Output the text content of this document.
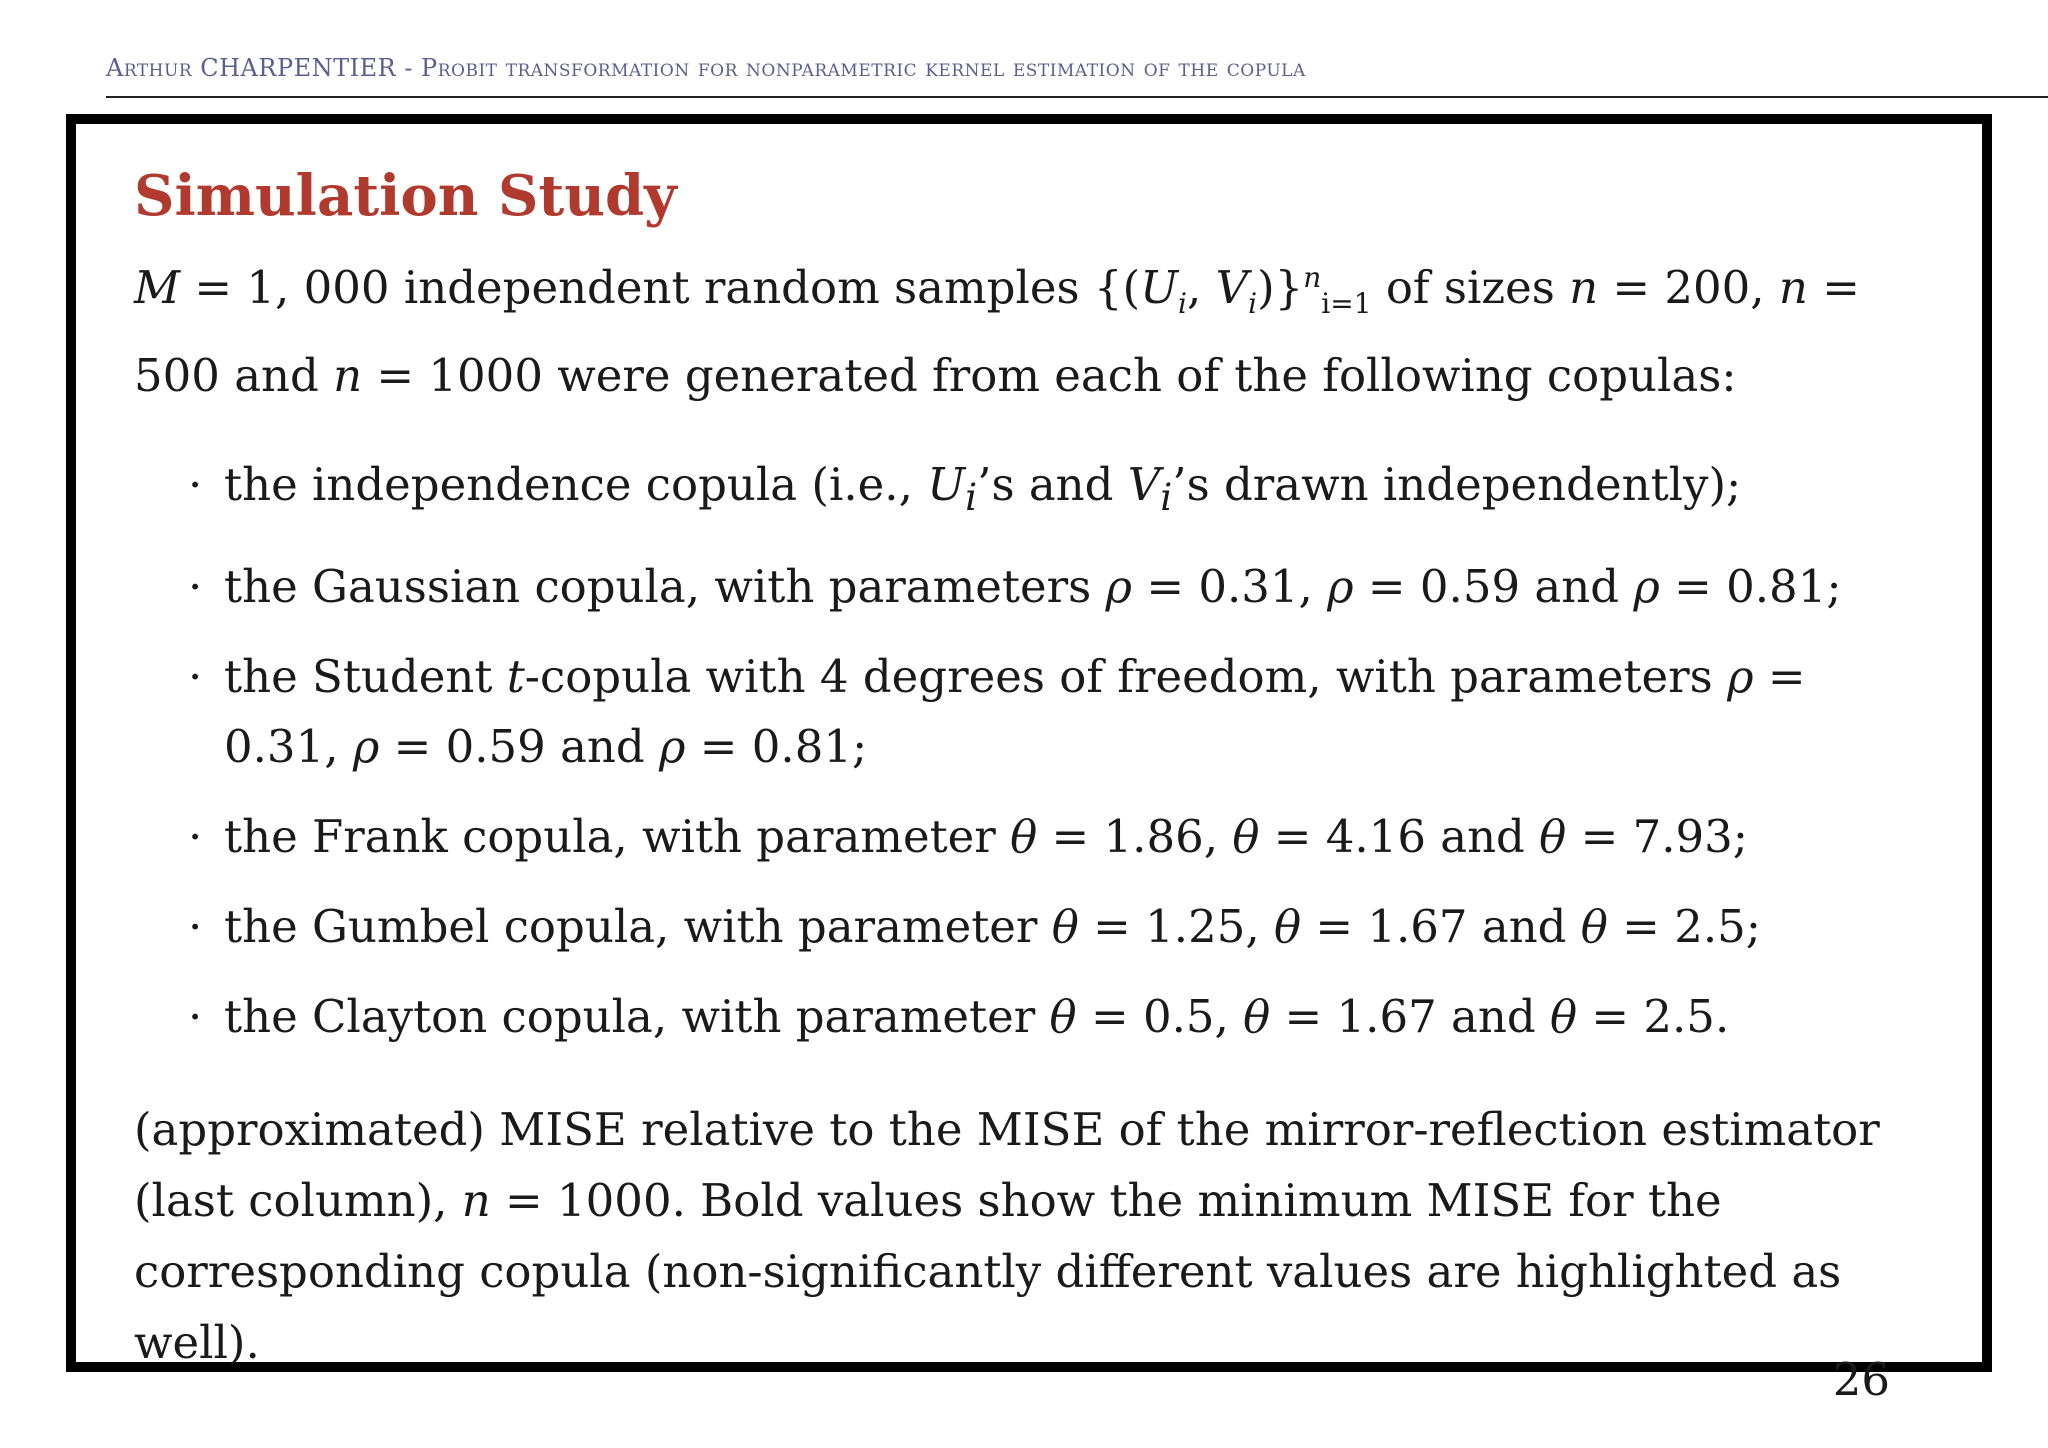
Arthur CHARPENTIER - Probit transformation for nonparametric kernel estimation of the copula
Simulation Study
M = 1, 000 independent random samples {($U_i$, $V_i)\}^n_{i=1}$ of sizes n = 200, n = 500 and n = 1000 were generated from each of the following copulas:
· the independence copula (i.e., $U_i’s$ and $V_i’s$ drawn independently);
· the Gaussian copula, with parameters ρ = 0.31, ρ = 0.59 and ρ = 0.81;
· the Student t-copula with 4 degrees of freedom, with parameters ρ = 0.31, ρ = 0.59 and ρ = 0.81;
· the Frank copula, with parameter θ = 1.86, θ = 4.16 and θ = 7.93;
· the Gumbel copula, with parameter θ = 1.25, θ = 1.67 and θ = 2.5;
· the Clayton copula, with parameter θ = 0.5, θ = 1.67 and θ = 2.5.
(approximated) MISE relative to the MISE of the mirror-reflection estimator (last column), n = 1000. Bold values show the minimum MISE for the corresponding copula (non-significantly different values are highlighted as well).
26
